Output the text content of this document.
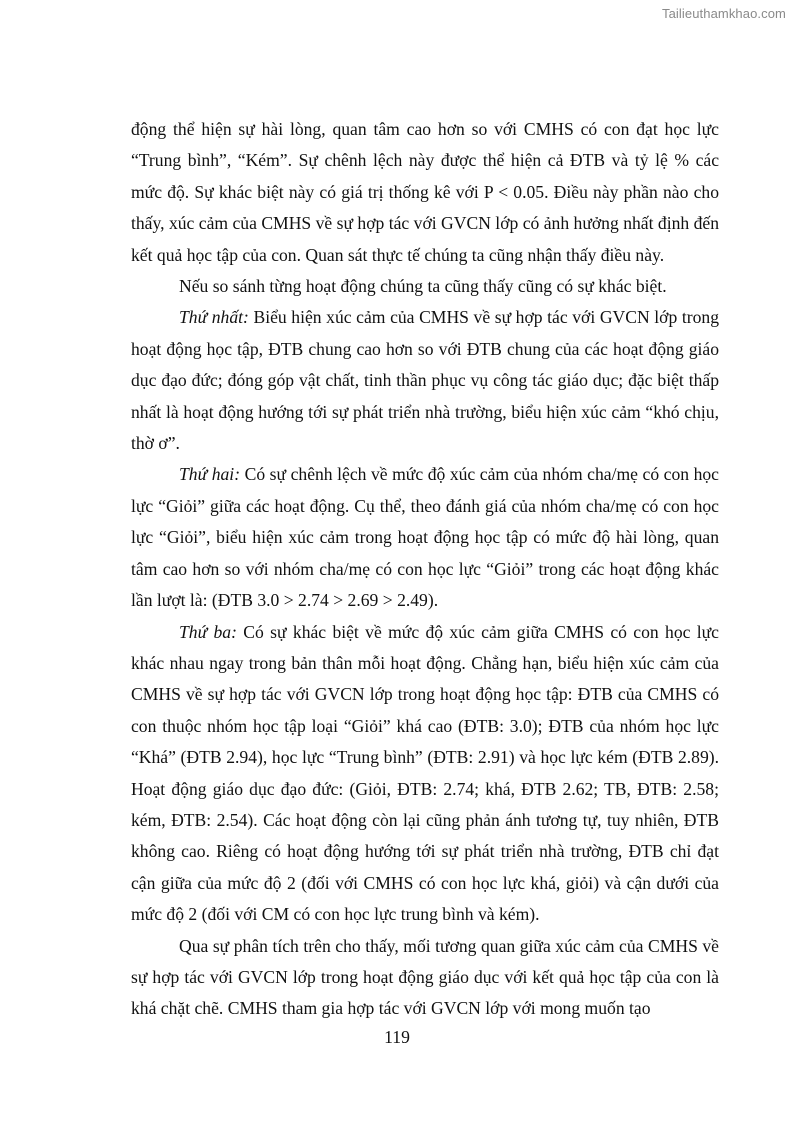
Tailieuthamkhao.com

động thể hiện sự hài lòng, quan tâm cao hơn so với CMHS có con đạt học lực “Trung bình”, “Kém”. Sự chênh lệch này được thể hiện cả ĐTB và tỷ lệ % các mức độ. Sự khác biệt này có giá trị thống kê với P < 0.05. Điều này phần nào cho thấy, xúc cảm của CMHS về sự hợp tác với GVCN lớp có ảnh hưởng nhất định đến kết quả học tập của con. Quan sát thực tế chúng ta cũng nhận thấy điều này.

Nếu so sánh từng hoạt động chúng ta cũng thấy cũng có sự khác biệt.

Thứ nhất: Biểu hiện xúc cảm của CMHS về sự hợp tác với GVCN lớp trong hoạt động học tập, ĐTB chung cao hơn so với ĐTB chung của các hoạt động giáo dục đạo đức; đóng góp vật chất, tinh thần phục vụ công tác giáo dục; đặc biệt thấp nhất là hoạt động hướng tới sự phát triển nhà trường, biểu hiện xúc cảm “khó chịu, thờ ơ”.

Thứ hai: Có sự chênh lệch về mức độ xúc cảm của nhóm cha/mẹ có con học lực “Giỏi” giữa các hoạt động. Cụ thể, theo đánh giá của nhóm cha/mẹ có con học lực “Giỏi”, biểu hiện xúc cảm trong hoạt động học tập có mức độ hài lòng, quan tâm cao hơn so với nhóm cha/mẹ có con học lực “Giỏi” trong các hoạt động khác lần lượt là: (ĐTB 3.0 > 2.74 > 2.69 > 2.49).

Thứ ba: Có sự khác biệt về mức độ xúc cảm giữa CMHS có con học lực khác nhau ngay trong bản thân mỗi hoạt động. Chẳng hạn, biểu hiện xúc cảm của CMHS về sự hợp tác với GVCN lớp trong hoạt động học tập: ĐTB của CMHS có con thuộc nhóm học tập loại “Giỏi” khá cao (ĐTB: 3.0); ĐTB của nhóm học lực “Khá” (ĐTB 2.94), học lực “Trung bình” (ĐTB: 2.91) và học lực kém (ĐTB 2.89). Hoạt động giáo dục đạo đức: (Giỏi, ĐTB: 2.74; khá, ĐTB 2.62; TB, ĐTB: 2.58; kém, ĐTB: 2.54). Các hoạt động còn lại cũng phản ánh tương tự, tuy nhiên, ĐTB không cao. Riêng có hoạt động hướng tới sự phát triển nhà trường, ĐTB chỉ đạt cận giữa của mức độ 2 (đối với CMHS có con học lực khá, giỏi) và cận dưới của mức độ 2 (đối với CM có con học lực trung bình và kém).

Qua sự phân tích trên cho thấy, mối tương quan giữa xúc cảm của CMHS về sự hợp tác với GVCN lớp trong hoạt động giáo dục với kết quả học tập của con là khá chặt chẽ. CMHS tham gia hợp tác với GVCN lớp với mong muốn tạo

119
